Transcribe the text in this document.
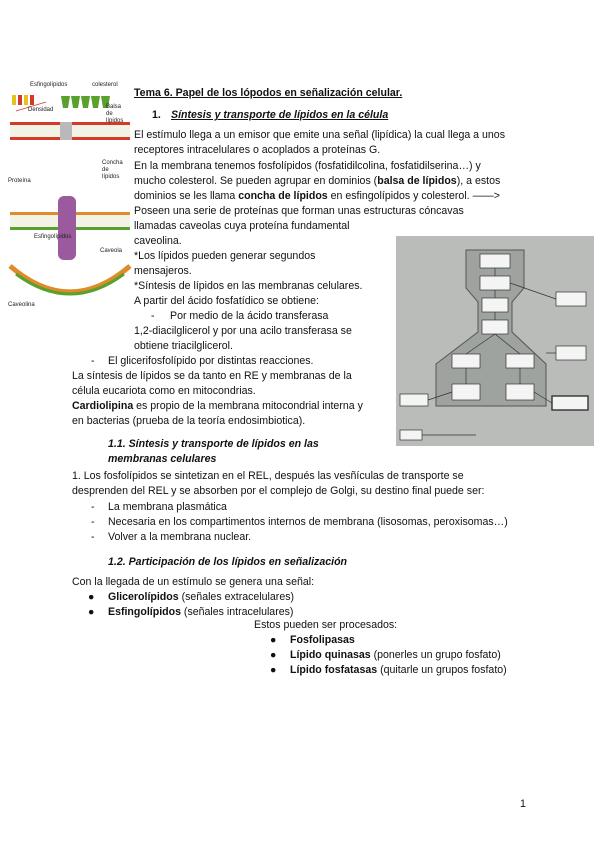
Tema 6. Papel de los lópodos en señalización celular.
1. Síntesis y transporte de lípidos en la célula
El estímulo llega a un emisor que emite una señal (lipídica) la cual llega a unos
receptores intracelulares o acoplados a proteínas G.
En la membrana tenemos fosfolípidos (fosfatidilcolina, fosfatidilserina…) y
mucho colesterol. Se pueden agrupar en dominios (balsa de lípidos), a estos
dominios se les llama concha de lípidos en esfingolípidos y colesterol. ——>
Poseen una serie de proteínas que forman unas estructuras cóncavas
llamadas caveolas cuya proteína fundamental
caveolina.
*Los lípidos pueden generar segundos
mensajeros.
*Síntesis de lípidos en las membranas celulares.
A partir del ácido fosfatídico se obtiene:
- Por medio de la ácido transferasa
1,2-diacilglicerol y por una acilo transferasa se
obtiene triacilglicerol.
- El glicerifosfolípido por distintas reacciones.
La síntesis de lípidos se da tanto en RE y membranas de la
célula eucariota como en mitocondrias.
Cardiolipina es propio de la membrana mitocondrial interna y
en bacterias (prueba de la teoría endosimbiotica).
1.1. Síntesis y transporte de lípidos en las
membranas celulares
1. Los fosfolípidos se sintetizan en el REL, después las vesñículas de transporte se
desprenden del REL y se absorben por el complejo de Golgi, su destino final puede ser:
- La membrana plasmática
- Necesaria en los compartimentos internos de membrana (lisosomas, peroxisomas…)
- Volver a la membrana nuclear.
1.2. Participación de los lípidos en señalización
Con la llegada de un estímulo se genera una señal:
● Glicerolípidos (señales extracelulares)
● Esfingolípidos (señales intracelulares)
Estos pueden ser procesados:
● Fosfolipasas
● Lípido quinasas (ponerles un grupo fosfato)
● Lípido fosfatasas (quitarle un grupos fosfato)
1
Esfingolípidos	colesterol
Densidad	Balsa
de
lípidos
Concha
de
lípidos
Proteína
Esfingolípidos
Caveola
Caveolina
